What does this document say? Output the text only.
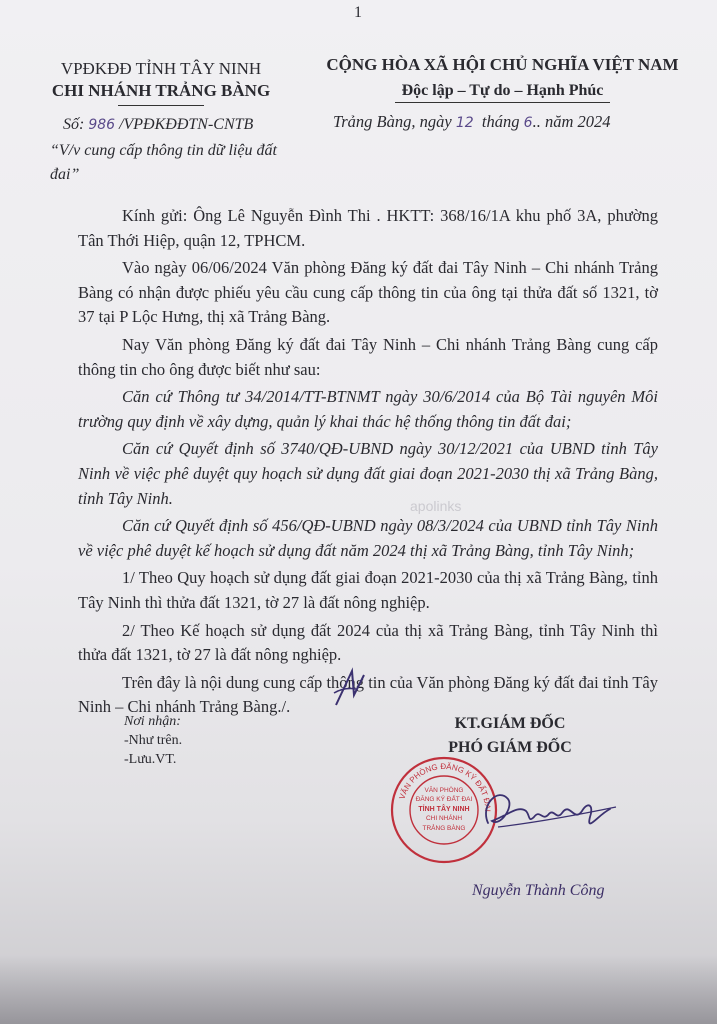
1
VPĐKĐĐ TỈNH TÂY NINH
CHI NHÁNH TRẢNG BÀNG
CỘNG HÒA XÃ HỘI CHỦ NGHĨA VIỆT NAM
Độc lập – Tự do – Hạnh Phúc
Số: 986 /VPĐKĐĐTN-CNTB
“V/v cung cấp thông tin dữ liệu đất đai”
Trảng Bàng, ngày 12 tháng 6.. năm 2024

Kính gửi: Ông Lê Nguyễn Đình Thi . HKTT: 368/16/1A khu phố 3A, phường Tân Thới Hiệp, quận 12, TPHCM.

Vào ngày 06/06/2024 Văn phòng Đăng ký đất đai Tây Ninh – Chi nhánh Trảng Bàng có nhận được phiếu yêu cầu cung cấp thông tin của ông tại thửa đất số 1321, tờ 37 tại P Lộc Hưng, thị xã Trảng Bàng.

Nay Văn phòng Đăng ký đất đai Tây Ninh – Chi nhánh Trảng Bàng cung cấp thông tin cho ông được biết như sau:

Căn cứ Thông tư 34/2014/TT-BTNMT ngày 30/6/2014 của Bộ Tài nguyên Môi trường quy định về xây dựng, quản lý khai thác hệ thống thông tin đất đai;

Căn cứ Quyết định số 3740/QĐ-UBND ngày 30/12/2021 của UBND tỉnh Tây Ninh về việc phê duyệt quy hoạch sử dụng đất giai đoạn 2021-2030 thị xã Trảng Bàng, tỉnh Tây Ninh.

Căn cứ Quyết định số 456/QĐ-UBND ngày 08/3/2024 của UBND tỉnh Tây Ninh về việc phê duyệt kế hoạch sử dụng đất năm 2024 thị xã Trảng Bàng, tỉnh Tây Ninh;

1/ Theo Quy hoạch sử dụng đất giai đoạn 2021-2030 của thị xã Trảng Bàng, tỉnh Tây Ninh thì thửa đất 1321, tờ 27 là đất nông nghiệp.

2/ Theo Kế hoạch sử dụng đất 2024 của thị xã Trảng Bàng, tỉnh Tây Ninh thì thửa đất 1321, tờ 27 là đất nông nghiệp.

Trên đây là nội dung cung cấp thông tin của Văn phòng Đăng ký đất đai tỉnh Tây Ninh – Chi nhánh Trảng Bàng./.

apolinks
Nơi nhận:
-Như trên.
-Lưu.VT.
KT.GIÁM ĐỐC
PHÓ GIÁM ĐỐC
VĂN PHÒNG ĐĂNG KÝ ĐẤT ĐAI
VĂN PHÒNG
ĐĂNG KÝ ĐẤT ĐAI
TỈNH TÂY NINH
CHI NHÁNH
TRẢNG BÀNG
Nguyễn Thành Công
